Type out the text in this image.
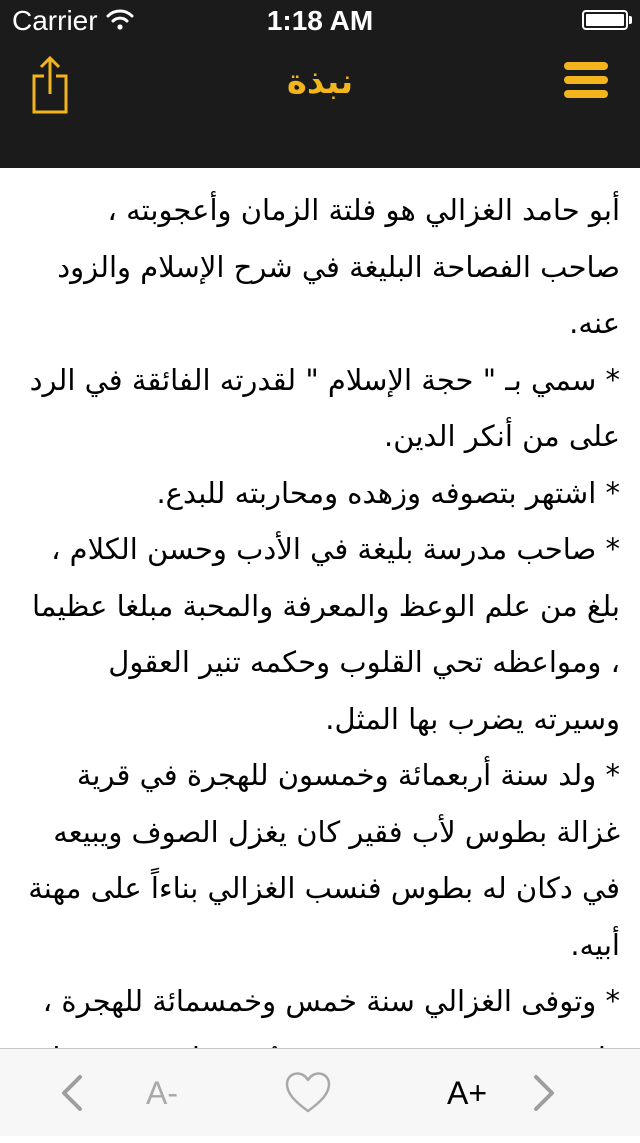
Carrier	1:18 AM
نبذة

أبو حامد الغزالي هو فلتة الزمان وأعجوبته ، صاحب الفصاحة البليغة في شرح الإسلام والزود عنه.

* سمي بـ " حجة الإسلام " لقدرته الفائقة في الرد على من أنكر الدين.

* اشتهر بتصوفه وزهده ومحاربته للبدع.

* صاحب مدرسة بليغة في الأدب وحسن الكلام ، بلغ من علم الوعظ والمعرفة والمحبة مبلغا عظيما ، ومواعظه تحي القلوب وحكمه تنير العقول وسيرته يضرب بها المثل.

* ولد سنة أربعمائة وخمسون للهجرة في قرية غزالة بطوس لأب فقير كان يغزل الصوف ويبيعه في دكان له بطوس فنسب الغزالي بناءاً على مهنة أبيه.

* وتوفى الغزالي سنة خمس وخمسمائة للهجرة ،

A-	A+
